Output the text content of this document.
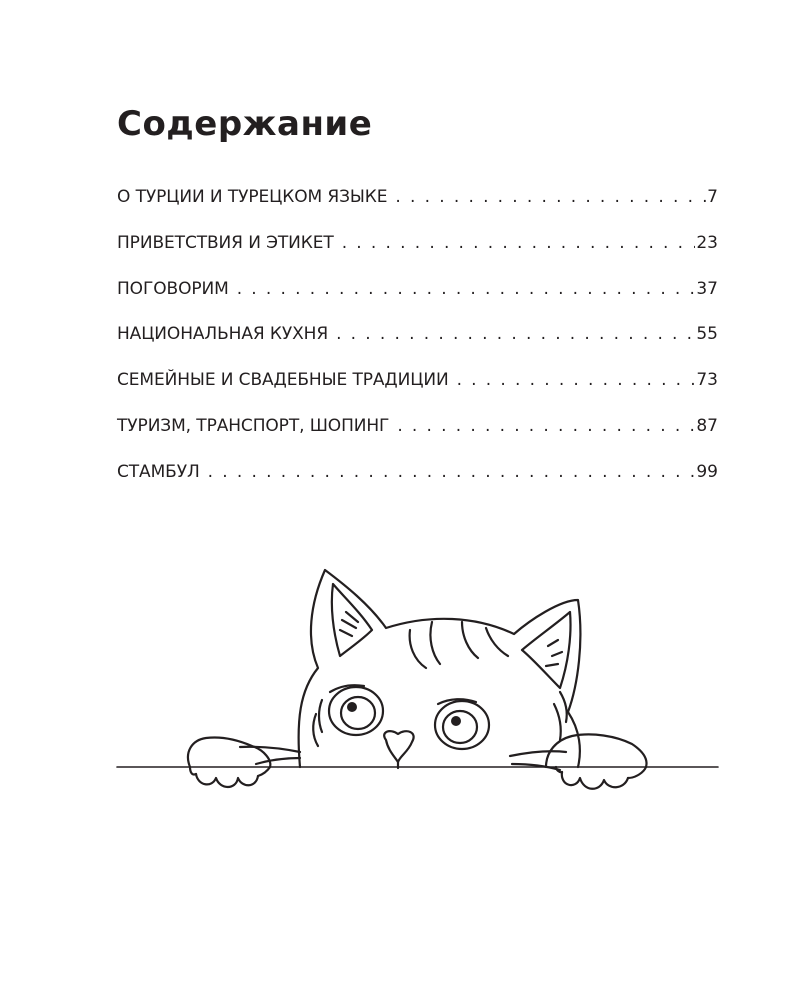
Содержание
О ТУРЦИИ И ТУРЕЦКОМ ЯЗЫКЕ . . .	7
ПРИВЕТСТВИЯ И ЭТИКЕТ . . .	23
ПОГОВОРИМ . . .	37
НАЦИОНАЛЬНАЯ КУХНЯ . . .	55
СЕМЕЙНЫЕ И СВАДЕБНЫЕ ТРАДИЦИИ . . .	73
ТУРИЗМ, ТРАНСПОРТ, ШОПИНГ . . .	87
СТАМБУЛ . . .	99
